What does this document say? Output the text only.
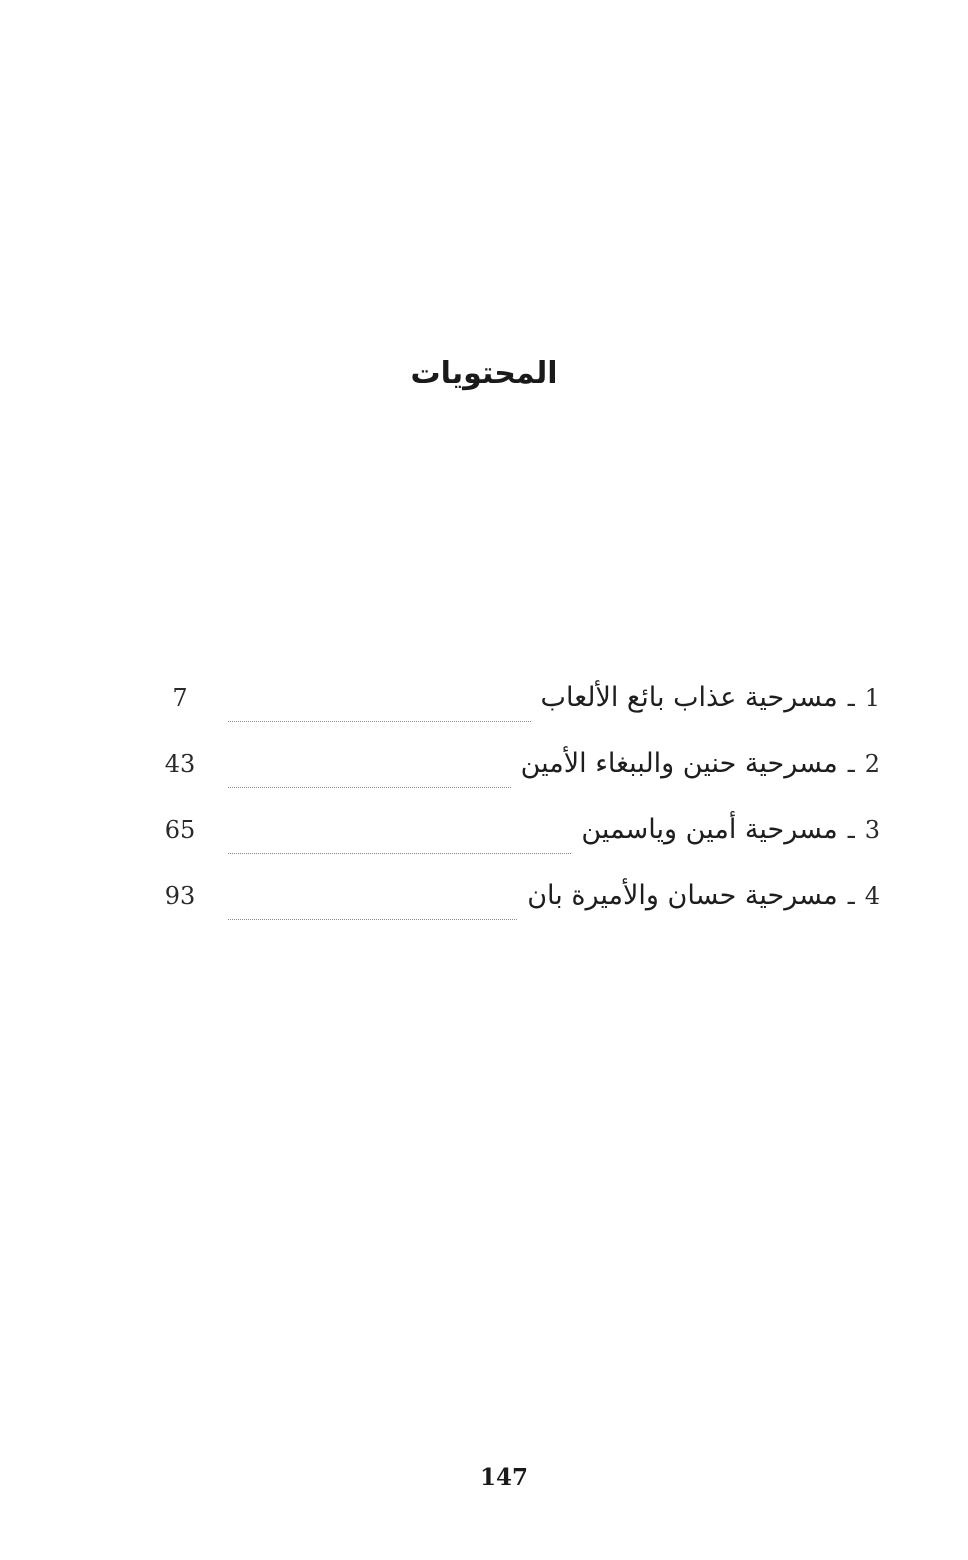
المحتويات
1
ـ
مسرحية عذاب بائع الألعاب
7
2
ـ
مسرحية حنين والببغاء الأمين
43
3
ـ
مسرحية أمين وياسمين
65
4
ـ
مسرحية حسان والأميرة بان
93
147
